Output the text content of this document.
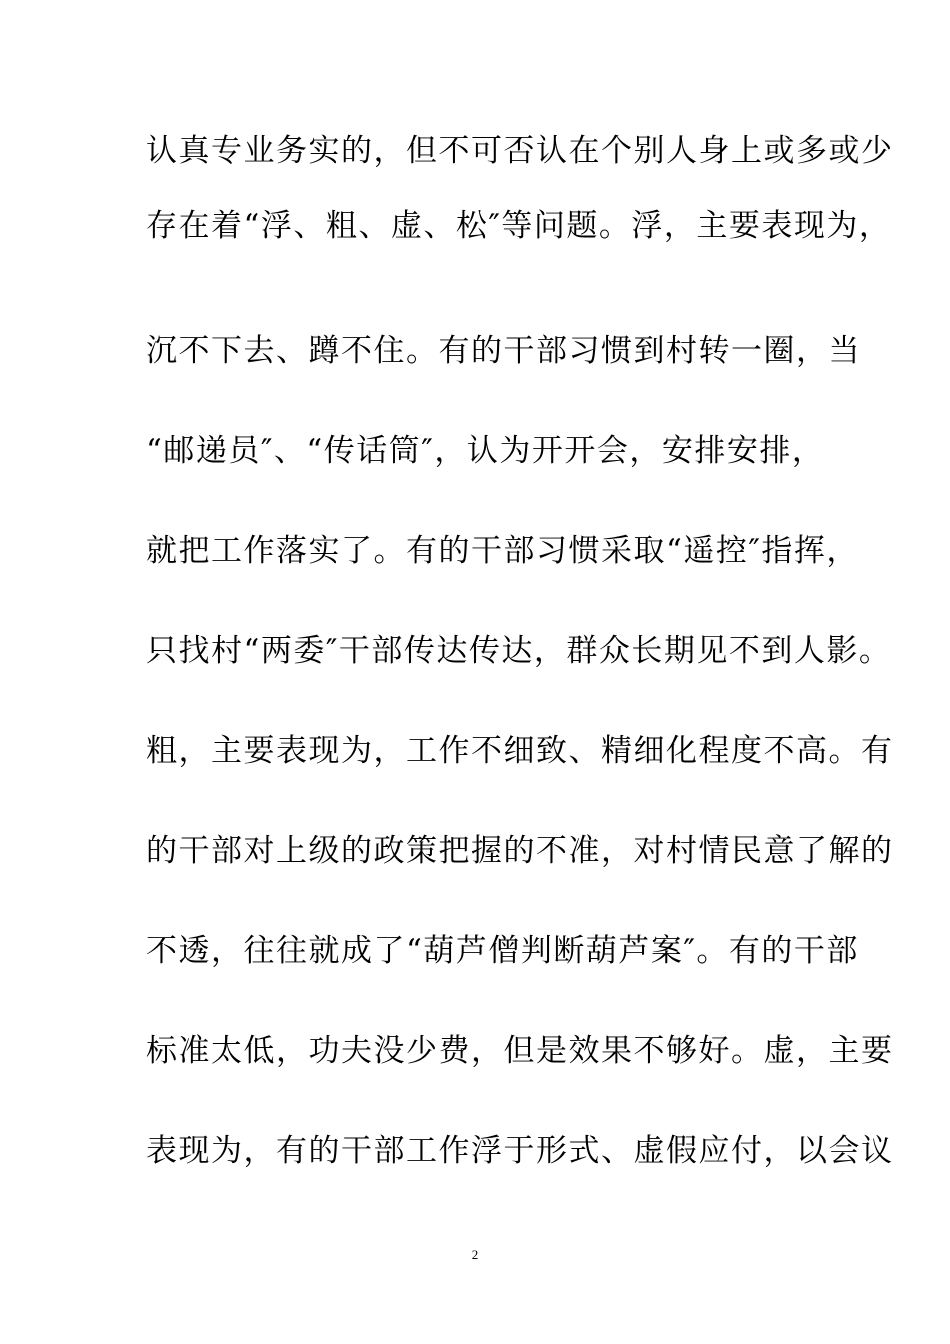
认真专业务实的，但不可否认在个别人身上或多或少
存在着“浮、粗、虚、松″等问题。浮，主要表现为，
沉不下去、蹲不住。有的干部习惯到村转一圈，当
“邮递员″、“传话筒″，认为开开会，安排安排，
就把工作落实了。有的干部习惯采取“遥控″指挥，
只找村“两委″干部传达传达，群众长期见不到人影。
粗，主要表现为，工作不细致、精细化程度不高。有
的干部对上级的政策把握的不准，对村情民意了解的
不透，往往就成了“葫芦僧判断葫芦案″。有的干部
标准太低，功夫没少费，但是效果不够好。虚，主要
表现为，有的干部工作浮于形式、虚假应付，以会议
2
